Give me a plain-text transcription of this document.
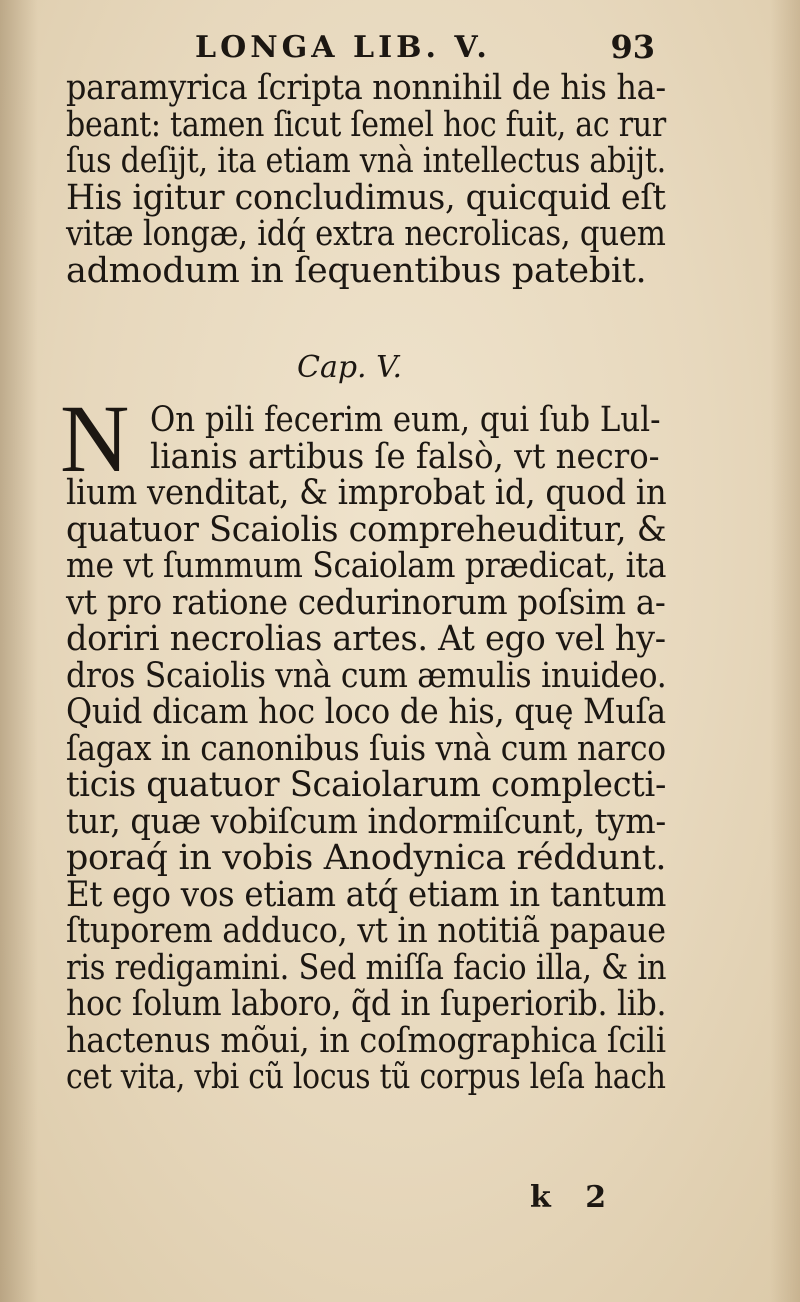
LONGA LIB. V.	93
paramyrica ſcripta nonnihil de his ha-
beant: tamen ſicut ſemel hoc fuit, ac rur
ſus deſijt, ita etiam vnà intellectus abijt.
His igitur concludimus, quicquid eſt
vitæ longæ, idq́ extra necrolicas, quem
admodum in ſequentibus patebit.
Cap. V.
N On pili fecerim eum, qui ſub Lul-
lianis artibus ſe falsò, vt necro-
lium venditat, & improbat id, quod in
quatuor Scaiolis compreheuditur, &
me vt ſummum Scaiolam prædicat, ita
vt pro ratione cedurinorum poſsim a-
doriri necrolias artes. At ego vel hy-
dros Scaiolis vnà cum æmulis inuideo.
Quid dicam hoc loco de his, quę Muſa
ſagax in canonibus ſuis vnà cum narco
ticis quatuor Scaiolarum complecti-
tur, quæ vobiſcum indormiſcunt, tym-
poraq́ in vobis Anodynica réddunt.
Et ego vos etiam atq́ etiam in tantum
ſtuporem adduco, vt in notitiã papaue
ris redigamini. Sed miſſa facio illa, & in
hoc ſolum laboro, q̃d in ſuperiorib. lib.
hactenus mõui, in coſmographica ſcili
cet vita, vbi cũ locus tũ corpus leſa hach
k 2
